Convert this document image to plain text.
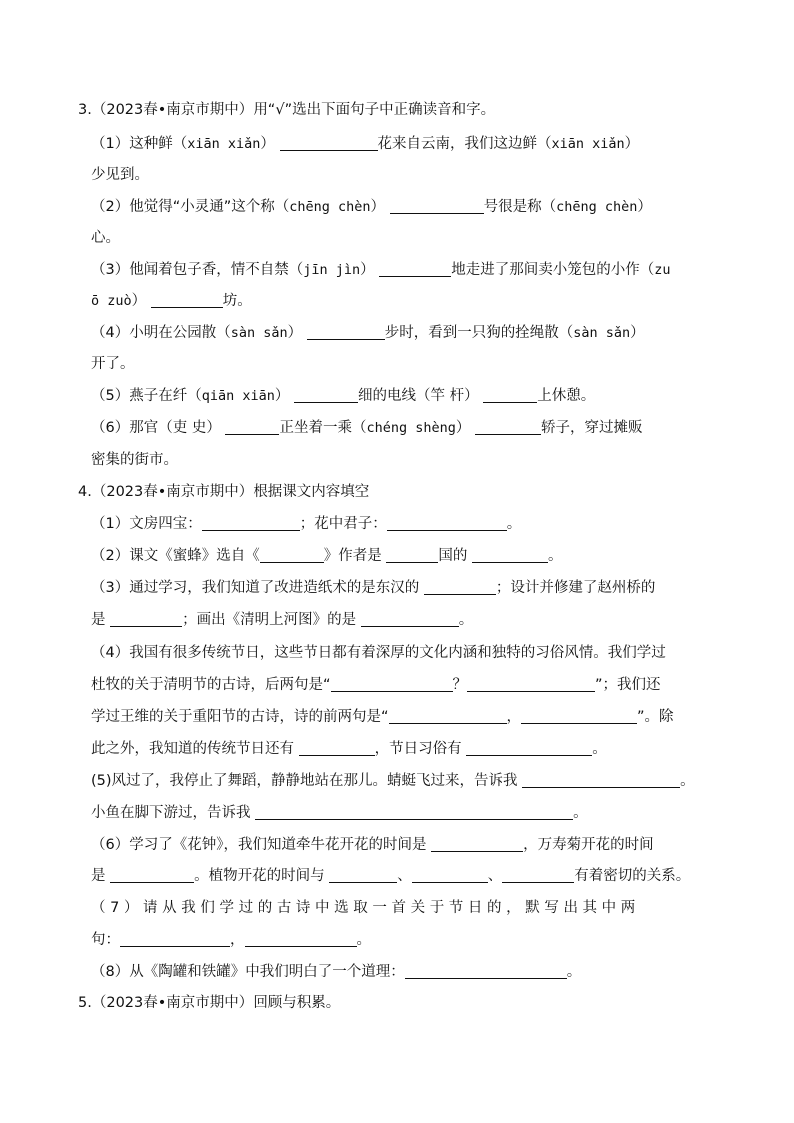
3.（2023春•南京市期中）用“√”选出下面句子中正确读音和字。
（1）这种鲜（xiān xiǎn）	花来自云南，我们这边鲜（xiān xiǎn）
少见到。
（2）他觉得“小灵通”这个称（chēng chèn）	号很是称（chēng chèn）
心。
（3）他闻着包子香，情不自禁（jīn jìn）	地走进了那间卖小笼包的小作（zu
ō zuò）	坊。
（4）小明在公园散（sàn sǎn）	步时，看到一只狗的拴绳散（sàn sǎn）
开了。
（5）燕子在纤（qiān xiān）	细的电线（竿 杆）	上休憩。
（6）那官（吏 史）	正坐着一乘（chéng shèng）	轿子，穿过摊贩
密集的街市。
4.（2023春•南京市期中）根据课文内容填空
（1）文房四宝：	；花中君子：	。
（2）课文《蜜蜂》选自《	》作者是	国的	。
（3）通过学习，我们知道了改进造纸术的是东汉的	；设计并修建了赵州桥的
是	；画出《清明上河图》的是	。
（4）我国有很多传统节日，这些节日都有着深厚的文化内涵和独特的习俗风情。我们学过
杜牧的关于清明节的古诗，后两句是“	？	”；我们还
学过王维的关于重阳节的古诗，诗的前两句是“	，	”。除
此之外，我知道的传统节日还有	，节日习俗有	。
(5)风过了，我停止了舞蹈，静静地站在那儿。蜻蜓飞过来，告诉我	。
小鱼在脚下游过，告诉我	。
（6）学习了《花钟》，我们知道牵牛花开花的时间是	，万寿菊开花的时间
是	。植物开花的时间与	、	、	有着密切的关系。
（ 7 ） 请 从 我 们 学 过 的 古 诗 中 选 取 一 首 关 于 节 日 的 ， 默 写 出 其 中 两
句：	，	。
（8）从《陶罐和铁罐》中我们明白了一个道理：	。
5.（2023春•南京市期中）回顾与积累。
